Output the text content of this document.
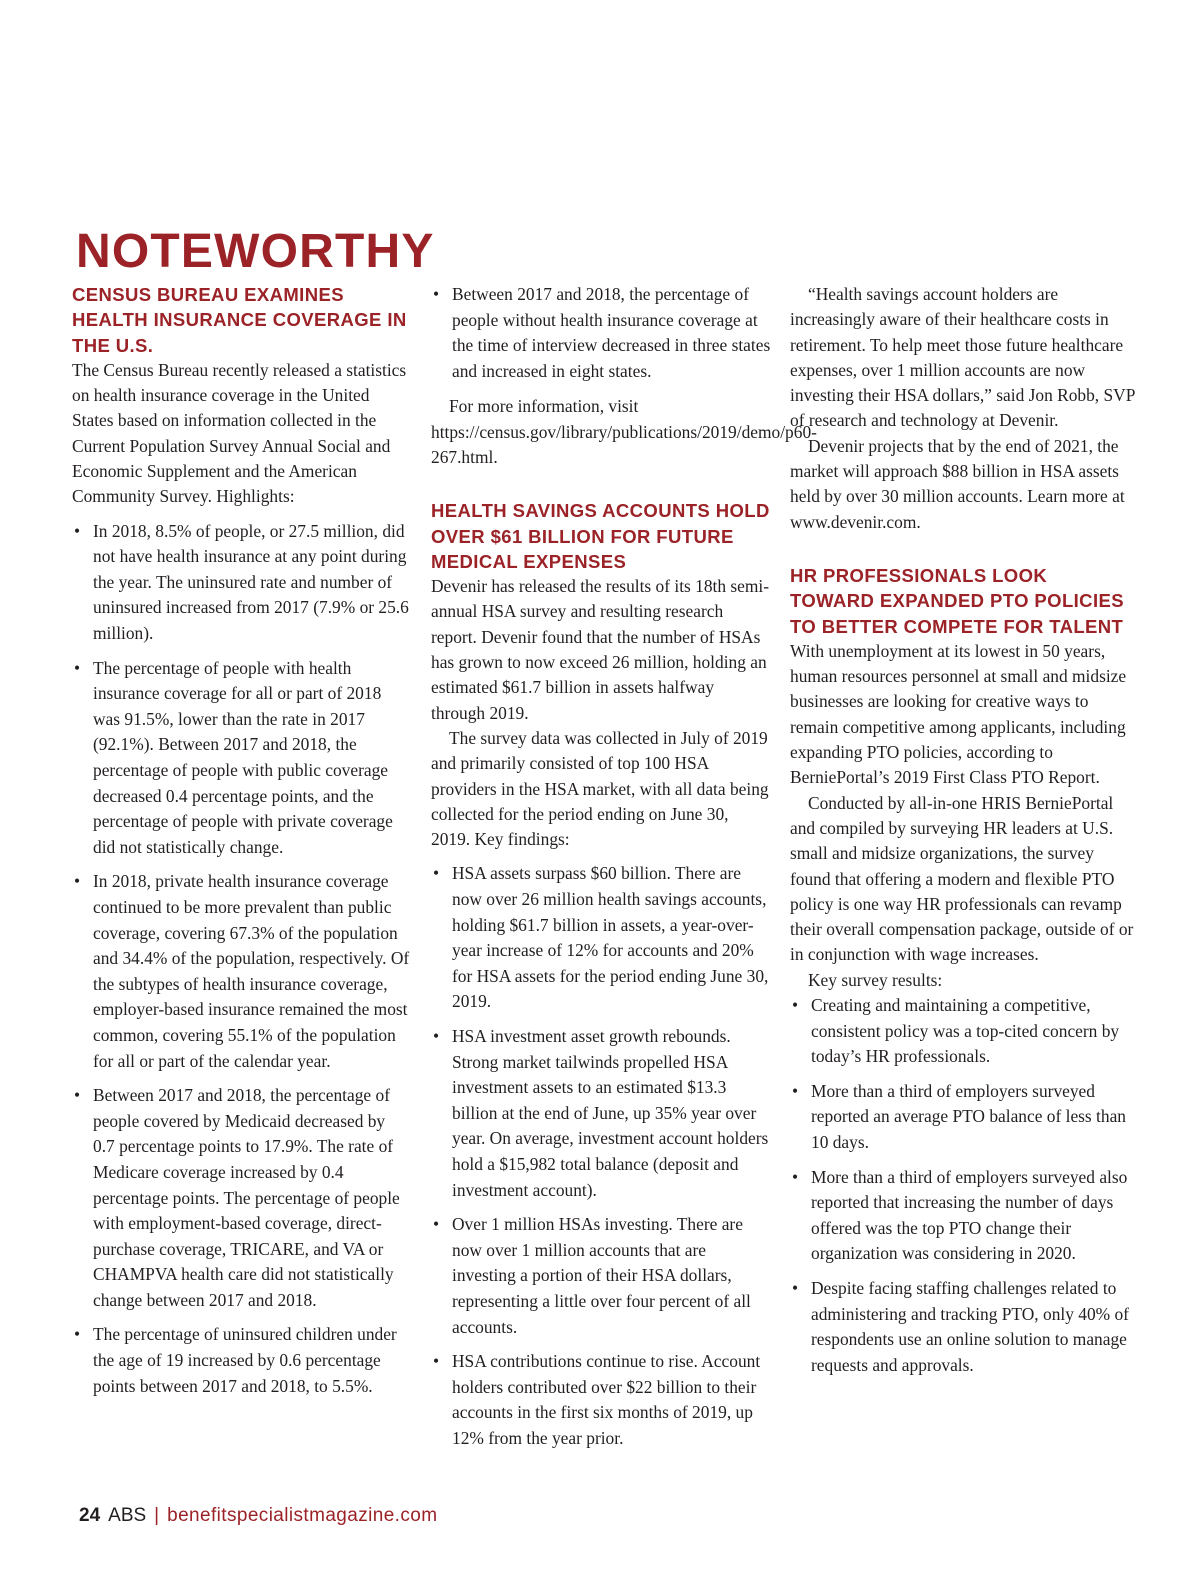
NOTEWORTHY
CENSUS BUREAU EXAMINES HEALTH INSURANCE COVERAGE IN THE U.S.

The Census Bureau recently released a statistics on health insurance coverage in the United States based on information collected in the Current Population Survey Annual Social and Economic Supplement and the American Community Survey. Highlights:

• In 2018, 8.5% of people, or 27.5 million, did not have health insurance at any point during the year. The uninsured rate and number of uninsured increased from 2017 (7.9% or 25.6 million).
• The percentage of people with health insurance coverage for all or part of 2018 was 91.5%, lower than the rate in 2017 (92.1%). Between 2017 and 2018, the percentage of people with public coverage decreased 0.4 percentage points, and the percentage of people with private coverage did not statistically change.
• In 2018, private health insurance coverage continued to be more prevalent than public coverage, covering 67.3% of the population and 34.4% of the population, respectively. Of the subtypes of health insurance coverage, employer-based insurance remained the most common, covering 55.1% of the population for all or part of the calendar year.
• Between 2017 and 2018, the percentage of people covered by Medicaid decreased by 0.7 percentage points to 17.9%. The rate of Medicare coverage increased by 0.4 percentage points. The percentage of people with employment-based coverage, direct-purchase coverage, TRICARE, and VA or CHAMPVA health care did not statistically change between 2017 and 2018.
• The percentage of uninsured children under the age of 19 increased by 0.6 percentage points between 2017 and 2018, to 5.5%.
• Between 2017 and 2018, the percentage of people without health insurance coverage at the time of interview decreased in three states and increased in eight states.

For more information, visit https://census.gov/library/publications/2019/demo/p60-267.html.

HEALTH SAVINGS ACCOUNTS HOLD OVER $61 BILLION FOR FUTURE MEDICAL EXPENSES

Devenir has released the results of its 18th semi-annual HSA survey and resulting research report. Devenir found that the number of HSAs has grown to now exceed 26 million, holding an estimated $61.7 billion in assets halfway through 2019.

The survey data was collected in July of 2019 and primarily consisted of top 100 HSA providers in the HSA market, with all data being collected for the period ending on June 30, 2019. Key findings:

• HSA assets surpass $60 billion. There are now over 26 million health savings accounts, holding $61.7 billion in assets, a year-over-year increase of 12% for accounts and 20% for HSA assets for the period ending June 30, 2019.
• HSA investment asset growth rebounds. Strong market tailwinds propelled HSA investment assets to an estimated $13.3 billion at the end of June, up 35% year over year. On average, investment account holders hold a $15,982 total balance (deposit and investment account).
• Over 1 million HSAs investing. There are now over 1 million accounts that are investing a portion of their HSA dollars, representing a little over four percent of all accounts.
• HSA contributions continue to rise. Account holders contributed over $22 billion to their accounts in the first six months of 2019, up 12% from the year prior.

“Health savings account holders are increasingly aware of their healthcare costs in retirement. To help meet those future healthcare expenses, over 1 million accounts are now investing their HSA dollars,” said Jon Robb, SVP of research and technology at Devenir.

Devenir projects that by the end of 2021, the market will approach $88 billion in HSA assets held by over 30 million accounts. Learn more at www.devenir.com.

HR PROFESSIONALS LOOK TOWARD EXPANDED PTO POLICIES TO BETTER COMPETE FOR TALENT

With unemployment at its lowest in 50 years, human resources personnel at small and midsize businesses are looking for creative ways to remain competitive among applicants, including expanding PTO policies, according to BerniePortal’s 2019 First Class PTO Report.

Conducted by all-in-one HRIS BerniePortal and compiled by surveying HR leaders at U.S. small and midsize organizations, the survey found that offering a modern and flexible PTO policy is one way HR professionals can revamp their overall compensation package, outside of or in conjunction with wage increases.

Key survey results:

• Creating and maintaining a competitive, consistent policy was a top-cited concern by today’s HR professionals.
• More than a third of employers surveyed reported an average PTO balance of less than 10 days.
• More than a third of employers surveyed also reported that increasing the number of days offered was the top PTO change their organization was considering in 2020.
• Despite facing staffing challenges related to administering and tracking PTO, only 40% of respondents use an online solution to manage requests and approvals.
24 ABS | benefitspecialistmagazine.com
